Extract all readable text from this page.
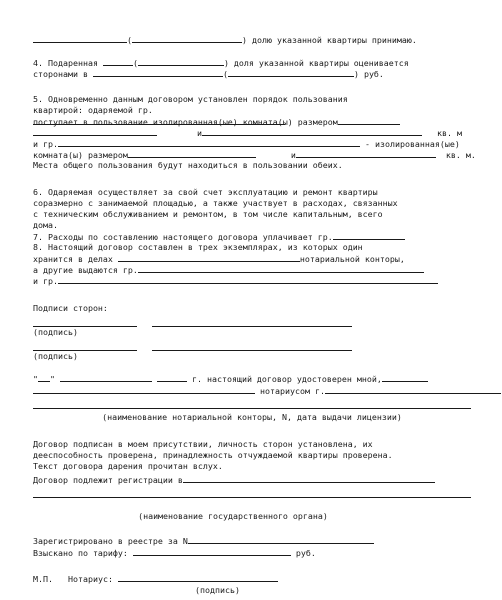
(	) долю указанной квартиры принимаю.
4. Подаренная	(	) доля указанной квартиры оценивается
сторонами в	(	) руб.
5. Одновременно данным договором установлен порядок пользования
квартирой: одаряемой гр.

поступает в пользование изолированная(ые) комната(ы) размером
и	кв. м
и гр.	- изолированная(ые)
комната(ы) размером	и	кв. м.
Места общего пользования будут находиться в пользовании обеих.
6. Одаряемая осуществляет за свой счет эксплуатацию и ремонт квартиры
соразмерно с занимаемой площадью, а также участвует в расходах, связанных
с техническим обслуживанием и ремонтом, в том числе капитальным, всего
дома.
7. Расходы по составлению настоящего договора уплачивает гр.
8. Настоящий договор составлен в трех экземплярах, из которых один
хранится в делах	нотариальной конторы,
а другие выдаются гр.
и гр.
Подписи сторон:

(подпись)

(подпись)
" "	г. настоящий договор удостоверен мной,
нотариусом г.
(наименование нотариальной конторы, N, дата выдачи лицензии)
Договор подписан в моем присутствии, личность сторон установлена, их
дееспособность проверена, принадлежность отчуждаемой квартиры проверена.
Текст договора дарения прочитан вслух.
Договор подлежит регистрации в
(наименование государственного органа)
Зарегистрировано в реестре за N
Взыскано по тарифу:	руб.
М.П. Нотариус:
(подпись)
